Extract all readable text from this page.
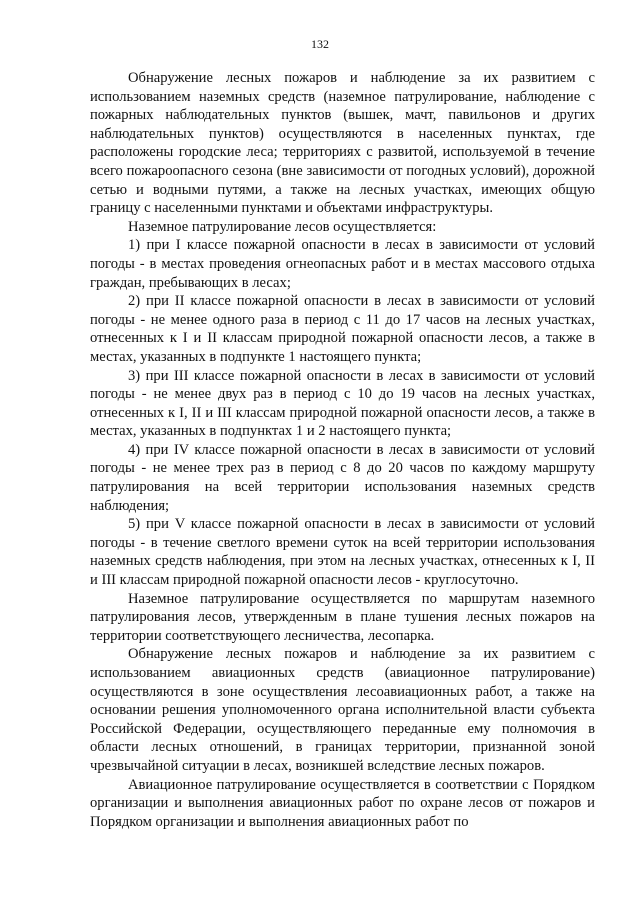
132

Обнаружение лесных пожаров и наблюдение за их развитием с использованием наземных средств (наземное патрулирование, наблюдение с пожарных наблюдательных пунктов (вышек, мачт, павильонов и других наблюдательных пунктов) осуществляются в населенных пунктах, где расположены городские леса; территориях с развитой, используемой в течение всего пожароопасного сезона (вне зависимости от погодных условий), дорожной сетью и водными путями, а также на лесных участках, имеющих общую границу с населенными пунктами и объектами инфраструктуры.

Наземное патрулирование лесов осуществляется:

1) при I классе пожарной опасности в лесах в зависимости от условий погоды - в местах проведения огнеопасных работ и в местах массового отдыха граждан, пребывающих в лесах;

2) при II классе пожарной опасности в лесах в зависимости от условий погоды - не менее одного раза в период с 11 до 17 часов на лесных участках, отнесенных к I и II классам природной пожарной опасности лесов, а также в местах, указанных в подпункте 1 настоящего пункта;

3) при III классе пожарной опасности в лесах в зависимости от условий погоды - не менее двух раз в период с 10 до 19 часов на лесных участках, отнесенных к I, II и III классам природной пожарной опасности лесов, а также в местах, указанных в подпунктах 1 и 2 настоящего пункта;

4) при IV классе пожарной опасности в лесах в зависимости от условий погоды - не менее трех раз в период с 8 до 20 часов по каждому маршруту патрулирования на всей территории использования наземных средств наблюдения;

5) при V классе пожарной опасности в лесах в зависимости от условий погоды - в течение светлого времени суток на всей территории использования наземных средств наблюдения, при этом на лесных участках, отнесенных к I, II и III классам природной пожарной опасности лесов - круглосуточно.

Наземное патрулирование осуществляется по маршрутам наземного патрулирования лесов, утвержденным в плане тушения лесных пожаров на территории соответствующего лесничества, лесопарка.

Обнаружение лесных пожаров и наблюдение за их развитием с использованием авиационных средств (авиационное патрулирование) осуществляются в зоне осуществления лесоавиационных работ, а также на основании решения уполномоченного органа исполнительной власти субъекта Российской Федерации, осуществляющего переданные ему полномочия в области лесных отношений, в границах территории, признанной зоной чрезвычайной ситуации в лесах, возникшей вследствие лесных пожаров.

Авиационное патрулирование осуществляется в соответствии с Порядком организации и выполнения авиационных работ по охране лесов от пожаров и Порядком организации и выполнения авиационных работ по
